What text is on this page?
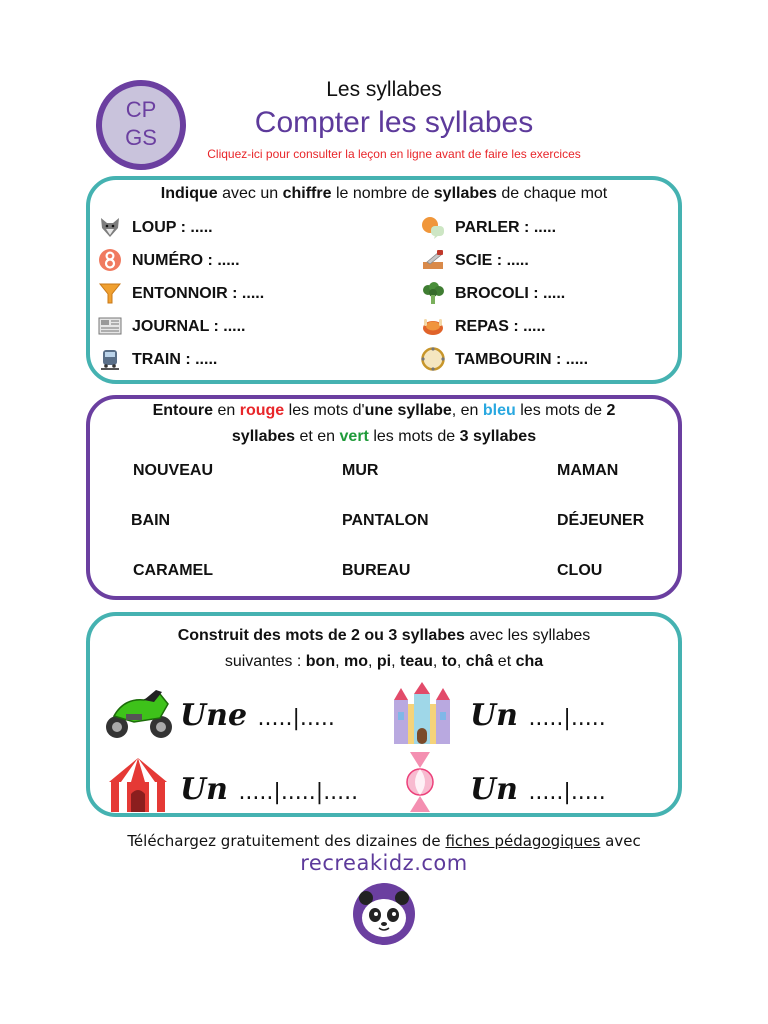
CP
GS
Les syllabes
Compter les syllabes
Cliquez-ici pour consulter la leçon en ligne avant de faire les exercices
Indique avec un chiffre le nombre de syllabes de chaque mot
LOUP : .....
NUMÉRO : .....
ENTONNOIR : .....
JOURNAL : .....
TRAIN : .....
PARLER : .....
SCIE : .....
BROCOLI : .....
REPAS : .....
TAMBOURIN : .....
Entoure en rouge les mots d'une syllabe, en bleu les mots de 2
syllabes et en vert les mots de 3 syllabes
NOUVEAU
BAIN
CARAMEL
MUR
PANTALON
BUREAU
MAMAN
DÉJEUNER
CLOU
Construit des mots de 2 ou 3 syllabes avec les syllabes
suivantes : bon, mo, pi, teau, to, châ et cha
Une .....|.....	Un .....|.....
Un .....|.....|.....	Un .....|.....
Téléchargez gratuitement des dizaines de fiches pédagogiques avec
recreakidz.com
